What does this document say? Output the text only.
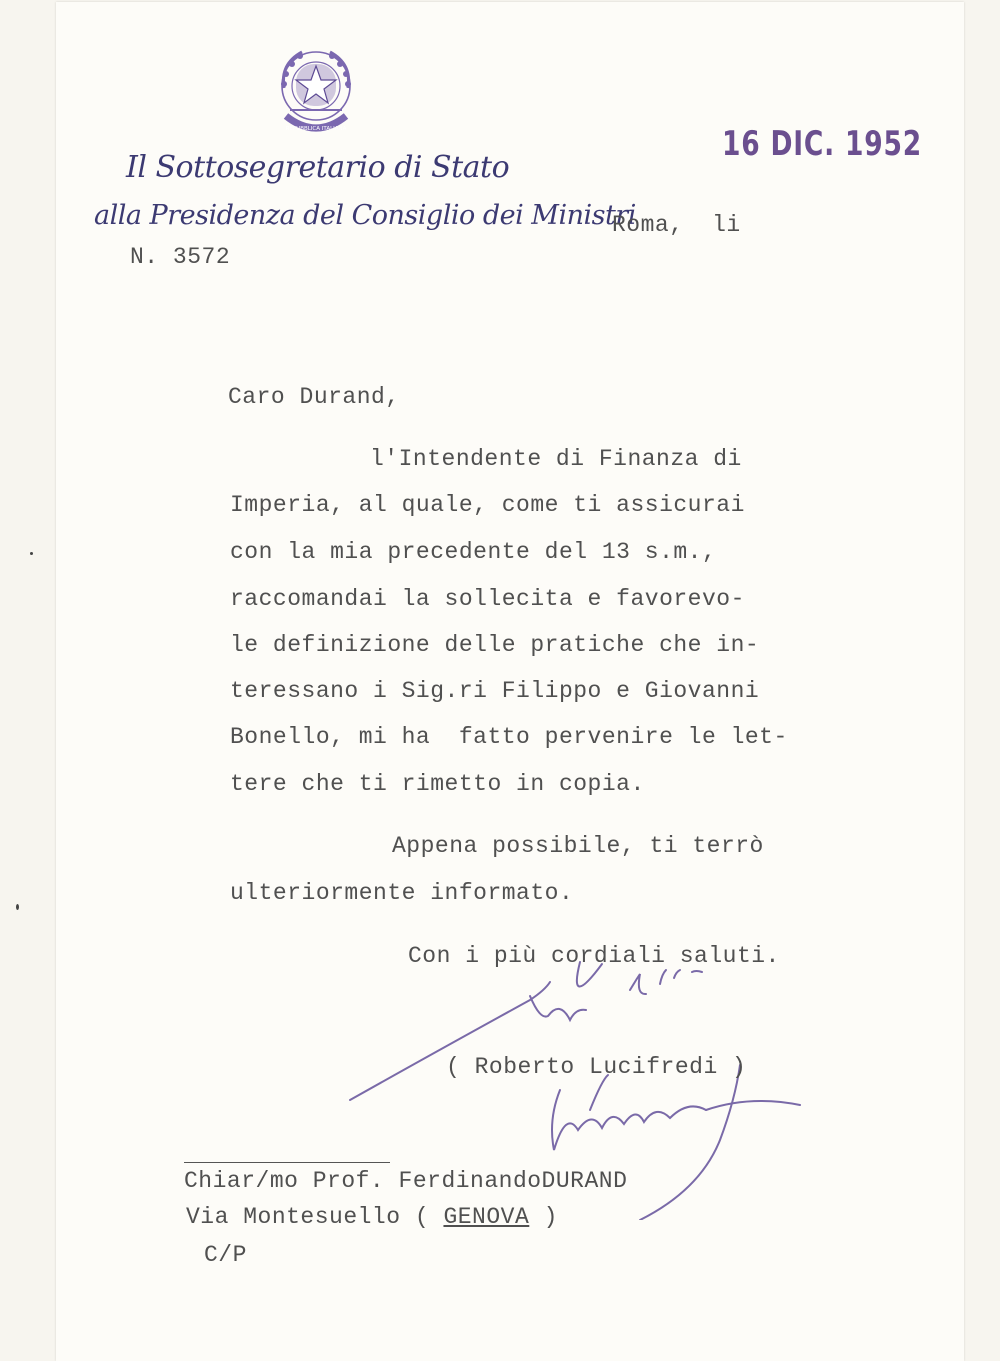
REPUBBLICA ITALIANA
Il Sottosegretario di Stato
alla Presidenza del Consiglio dei Ministri
N. 3572
16 DIC. 1952
Roma,  li
Caro Durand,
l'Intendente di Finanza di
Imperia, al quale, come ti assicurai
con la mia precedente del 13 s.m.,
raccomandai la sollecita e favorevo-
le definizione delle pratiche che in-
teressano i Sig.ri Filippo e Giovanni
Bonello, mi ha  fatto pervenire le let-
tere che ti rimetto in copia.
Appena possibile, ti terrò
ulteriormente informato.
Con i più cordiali saluti.
( Roberto Lucifredi )
Chiar/mo Prof. FerdinandoDURAND
Via Montesuello ( GENOVA )
C/P
